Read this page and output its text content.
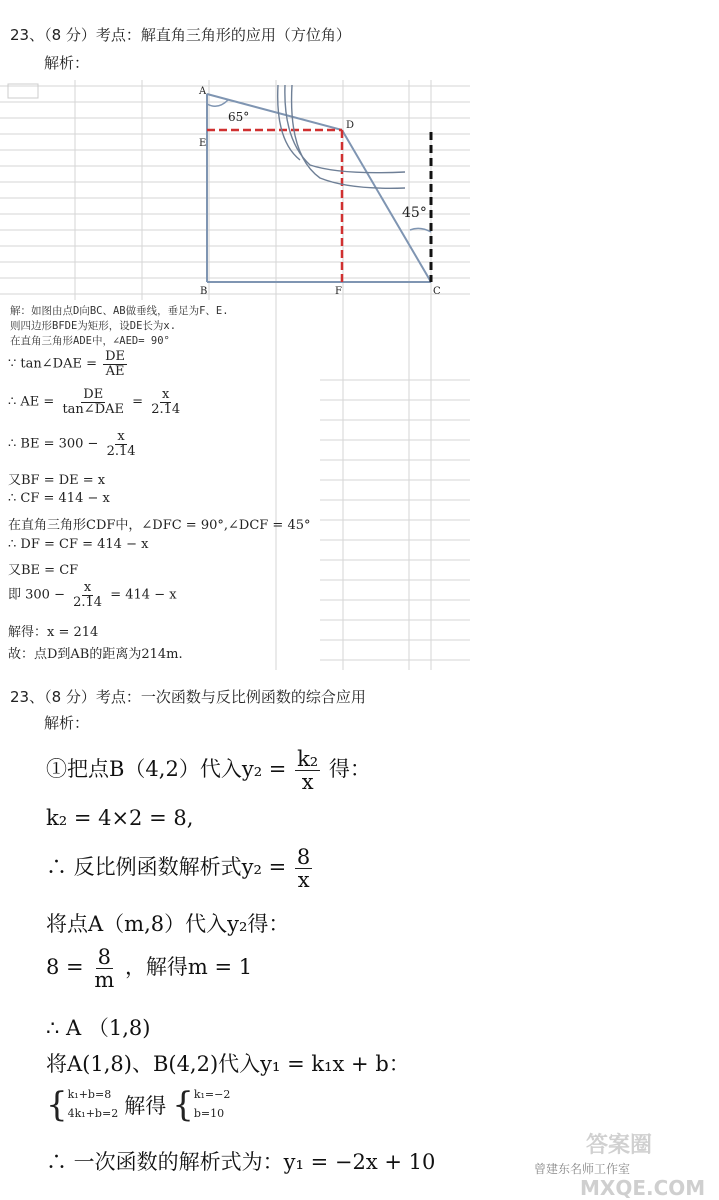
23、（8 分）考点：解直角三角形的应用（方位角）
解析：
A
D
E
B	F	C
65°
45°
解：如图由点D向BC、AB做垂线，垂足为F、E.
则四边形BFDE为矩形，设DE长为x.
在直角三角形ADE中，∠AED= 90°
∵ tan∠DAE = $\frac{DE}{AE}$
∴ AE = $\frac{DE}{\text{tan∠DAE}} = \frac{x}{2.14}$
∴ BE = $300 - \frac{x}{2.14}$
又BF = DE = x
∴ CF = 414 − x
在直角三角形CDF中，∠DFC = 90°,∠DCF = 45°
∴ DF = CF = 414 − x
又BE = CF
即 $300 - \frac{x}{2.14} = 414 - x$
解得：x = 214
故：点D到AB的距离为214m.
23、（8 分）考点：一次函数与反比例函数的综合应用
解析：
①把点B（4,2）代入$y_2 = \frac{\text{k₂}}{x}$ 得：
k₂ = 4×2 = 8,
∴ 反比例函数解析式$y_2 = \frac{8}{x}$
将点A（m,8）代入y₂得：
$8 = \frac{8}{m}$ ，解得m = 1
∴ A （1,8)
将A(1,8)、B(4,2)代入y₁ = k₁x + b：
{ k₁+b=8
4k₁+b=2 解得 { k₁=−2
b=10
∴ 一次函数的解析式为：y₁ = −2x + 10
答案圈
曾建东名师工作室
MXQE.COM
